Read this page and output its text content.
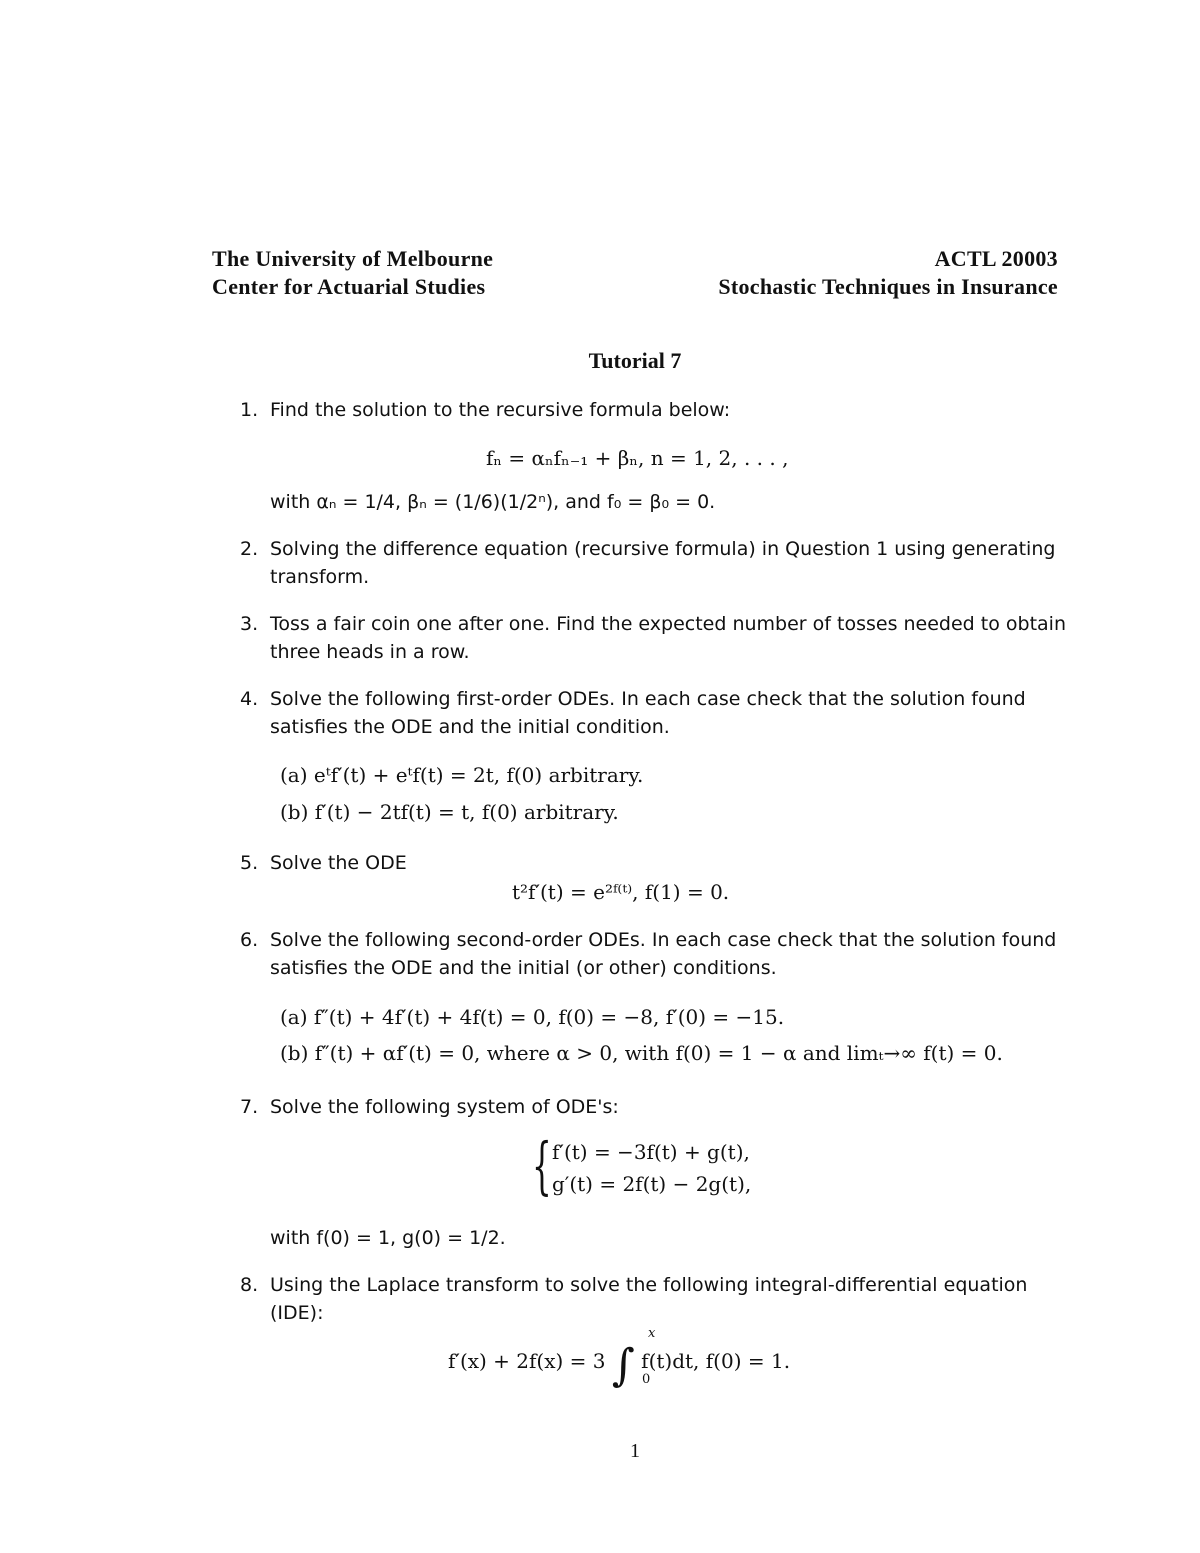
The University of Melbourne
Center for Actuarial Studies
ACTL 20003
Stochastic Techniques in Insurance
Tutorial 7
1. Find the solution to the recursive formula below:
fₙ = αₙfₙ₋₁ + βₙ, n = 1, 2, . . . ,
with αₙ = 1/4, βₙ = (1/6)(1/2ⁿ), and f₀ = β₀ = 0.
2. Solving the difference equation (recursive formula) in Question 1 using generating transform.
3. Toss a fair coin one after one. Find the expected number of tosses needed to obtain three heads in a row.
4. Solve the following first-order ODEs. In each case check that the solution found satisfies the ODE and the initial condition.
(a) eᵗf′(t) + eᵗf(t) = 2t, f(0) arbitrary.
(b) f′(t) − 2tf(t) = t, f(0) arbitrary.
5. Solve the ODE
t²f′(t) = e²ᶠ⁽ᵗ⁾, f(1) = 0.
6. Solve the following second-order ODEs. In each case check that the solution found satisfies the ODE and the initial (or other) conditions.
(a) f″(t) + 4f′(t) + 4f(t) = 0, f(0) = −8, f′(0) = −15.
(b) f″(t) + αf′(t) = 0, where α > 0, with f(0) = 1 − α and limₜ→∞ f(t) = 0.
7. Solve the following system of ODE's:
{ f′(t) = −3f(t) + g(t),
g′(t) = 2f(t) − 2g(t),
with f(0) = 1, g(0) = 1/2.
8. Using the Laplace transform to solve the following integral-differential equation (IDE):
f′(x) + 2f(x) = 3 ∫ f(t)dt, f(0) = 1.
x
0
1
